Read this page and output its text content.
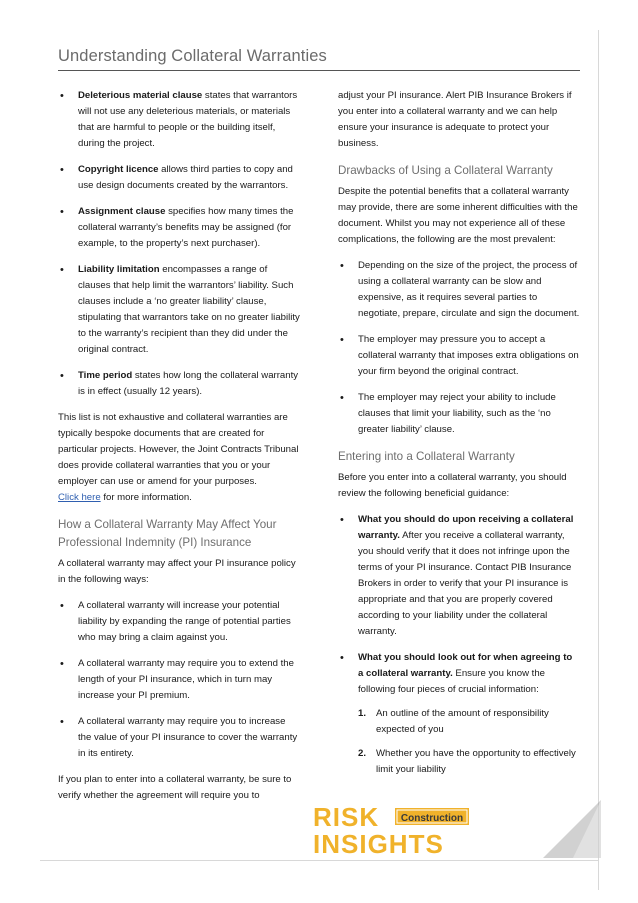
Understanding Collateral Warranties
• Deleterious material clause states that warrantors will not use any deleterious materials, or materials that are harmful to people or the building itself, during the project.
• Copyright licence allows third parties to copy and use design documents created by the warrantors.
• Assignment clause specifies how many times the collateral warranty’s benefits may be assigned (for example, to the property’s next purchaser).
• Liability limitation encompasses a range of clauses that help limit the warrantors’ liability. Such clauses include a ‘no greater liability’ clause, stipulating that warrantors take on no greater liability to the warranty’s recipient than they did under the original contract.
• Time period states how long the collateral warranty is in effect (usually 12 years).

This list is not exhaustive and collateral warranties are typically bespoke documents that are created for particular projects. However, the Joint Contracts Tribunal does provide collateral warranties that you or your employer can use or amend for your purposes.
Click here for more information.

How a Collateral Warranty May Affect Your Professional Indemnity (PI) Insurance

A collateral warranty may affect your PI insurance policy in the following ways:

• A collateral warranty will increase your potential liability by expanding the range of potential parties who may bring a claim against you.
• A collateral warranty may require you to extend the length of your PI insurance, which in turn may increase your PI premium.
• A collateral warranty may require you to increase the value of your PI insurance to cover the warranty in its entirety.

If you plan to enter into a collateral warranty, be sure to verify whether the agreement will require you to

adjust your PI insurance. Alert PIB Insurance Brokers if you enter into a collateral warranty and we can help ensure your insurance is adequate to protect your business.

Drawbacks of Using a Collateral Warranty

Despite the potential benefits that a collateral warranty may provide, there are some inherent difficulties with the document. Whilst you may not experience all of these complications, the following are the most prevalent:

• Depending on the size of the project, the process of using a collateral warranty can be slow and expensive, as it requires several parties to negotiate, prepare, circulate and sign the document.
• The employer may pressure you to accept a collateral warranty that imposes extra obligations on your firm beyond the original contract.
• The employer may reject your ability to include clauses that limit your liability, such as the ‘no greater liability’ clause.
Entering into a Collateral Warranty

Before you enter into a collateral warranty, you should review the following beneficial guidance:

• What you should do upon receiving a collateral warranty. After you receive a collateral warranty, you should verify that it does not infringe upon the terms of your PI insurance. Contact PIB Insurance Brokers in order to verify that your PI insurance is appropriate and that you are properly covered according to your liability under the collateral warranty.
• What you should look out for when agreeing to a collateral warranty. Ensure you know the following four pieces of crucial information:
1. An outline of the amount of responsibility expected of you
2. Whether you have the opportunity to effectively limit your liability
RISK Construction
INSIGHTS
